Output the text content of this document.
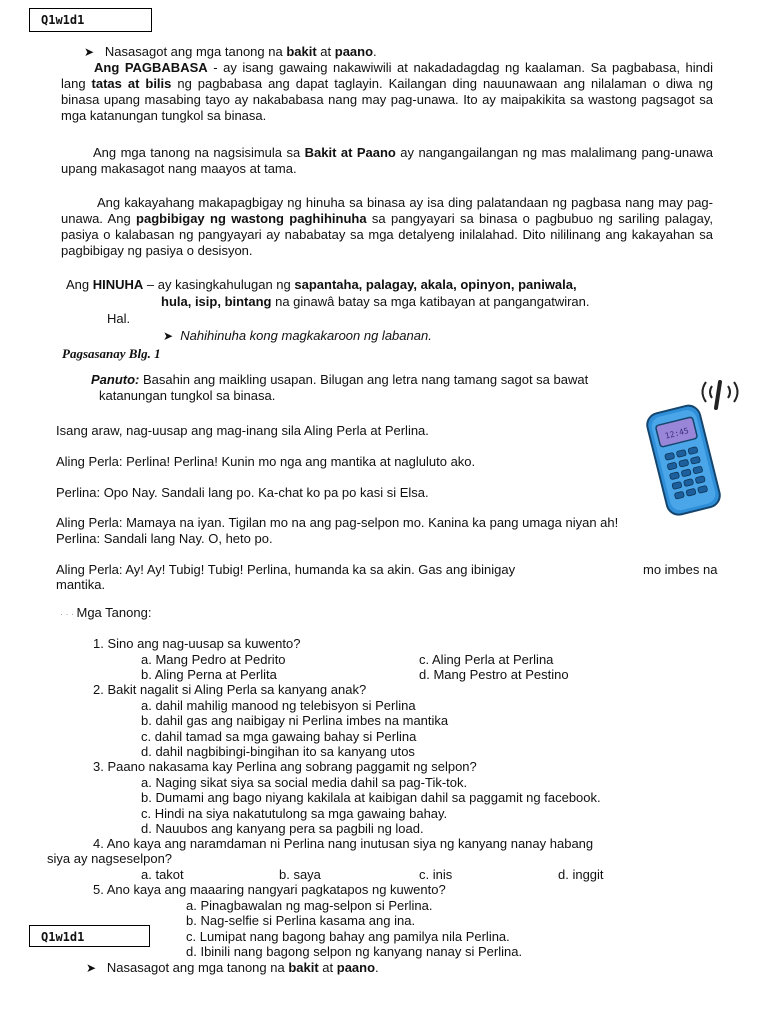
Q1w1d1
➤ Nasasagot ang mga tanong na bakit at paano.
Ang PAGBABASA - ay isang gawaing nakawiwili at nakadadagdag ng kaalaman. Sa pagbabasa, hindi lang tatas at bilis ng pagbabasa ang dapat taglayin. Kailangan ding nauunawaan ang nilalaman o diwa ng binasa upang masabing tayo ay nakababasa nang may pag-unawa. Ito ay maipakikita sa wastong pagsagot sa mga katanungan tungkol sa binasa.
Ang mga tanong na nagsisimula sa Bakit at Paano ay nangangailangan ng mas malalimang pang-unawa upang makasagot nang maayos at tama.
Ang kakayahang makapagbigay ng hinuha sa binasa ay isa ding palatandaan ng pagbasa nang may pag-unawa. Ang pagbibigay ng wastong paghihinuha sa pangyayari sa binasa o pagbubuo ng sariling palagay, pasiya o kalabasan ng pangyayari ay nababatay sa mga detalyeng inilalahad. Dito nililinang ang kakayahan sa pagbibigay ng pasiya o desisyon.
Ang HINUHA – ay kasingkahulugan ng sapantaha, palagay, akala, opinyon, paniwala,
hula, isip, bintang na ginawâ batay sa mga katibayan at pangangatwiran.
Hal.
➤ Nahihinuha kong magkakaroon ng labanan.
Pagsasanay Blg. 1
Panuto: Basahin ang maikling usapan. Bilugan ang letra nang tamang sagot sa bawat
katanungan tungkol sa binasa.
12:45
Isang araw, nag-uusap ang mag-inang sila Aling Perla at Perlina.
Aling Perla: Perlina! Perlina! Kunin mo nga ang mantika at nagluluto ako.
Perlina: Opo Nay. Sandali lang po. Ka-chat ko pa po kasi si Elsa.
Aling Perla: Mamaya na iyan. Tigilan mo na ang pag-selpon mo. Kanina ka pang umaga niyan ah!
Perlina: Sandali lang Nay. O, heto po.
Aling Perla: Ay! Ay! Tubig! Tubig! Perlina, humanda ka sa akin. Gas ang ibinigay	mo imbes na
mantika.
· · · Mga Tanong:
1. Sino ang nag-uusap sa kuwento?
a. Mang Pedro at Pedrito	c. Aling Perla at Perlina
b. Aling Perna at Perlita	d. Mang Pestro at Pestino
2. Bakit nagalit si Aling Perla sa kanyang anak?
a. dahil mahilig manood ng telebisyon si Perlina
b. dahil gas ang naibigay ni Perlina imbes na mantika
c. dahil tamad sa mga gawaing bahay si Perlina
d. dahil nagbibingi-bingihan ito sa kanyang utos
3. Paano nakasama kay Perlina ang sobrang paggamit ng selpon?
a. Naging sikat siya sa social media dahil sa pag-Tik-tok.
b. Dumami ang bago niyang kakilala at kaibigan dahil sa paggamit ng facebook.
c. Hindi na siya nakatutulong sa mga gawaing bahay.
d. Nauubos ang kanyang pera sa pagbili ng load.
4. Ano kaya ang naramdaman ni Perlina nang inutusan siya ng kanyang nanay habang
siya ay nagseselpon?
a. takot	b. saya	c. inis	d. inggit
5. Ano kaya ang maaaring nangyari pagkatapos ng kuwento?
a. Pinagbawalan ng mag-selpon si Perlina.
b. Nag-selfie si Perlina kasama ang ina.
c. Lumipat nang bagong bahay ang pamilya nila Perlina.
d. Ibinili nang bagong selpon ng kanyang nanay si Perlina.
Q1w1d1
➤ Nasasagot ang mga tanong na bakit at paano.
